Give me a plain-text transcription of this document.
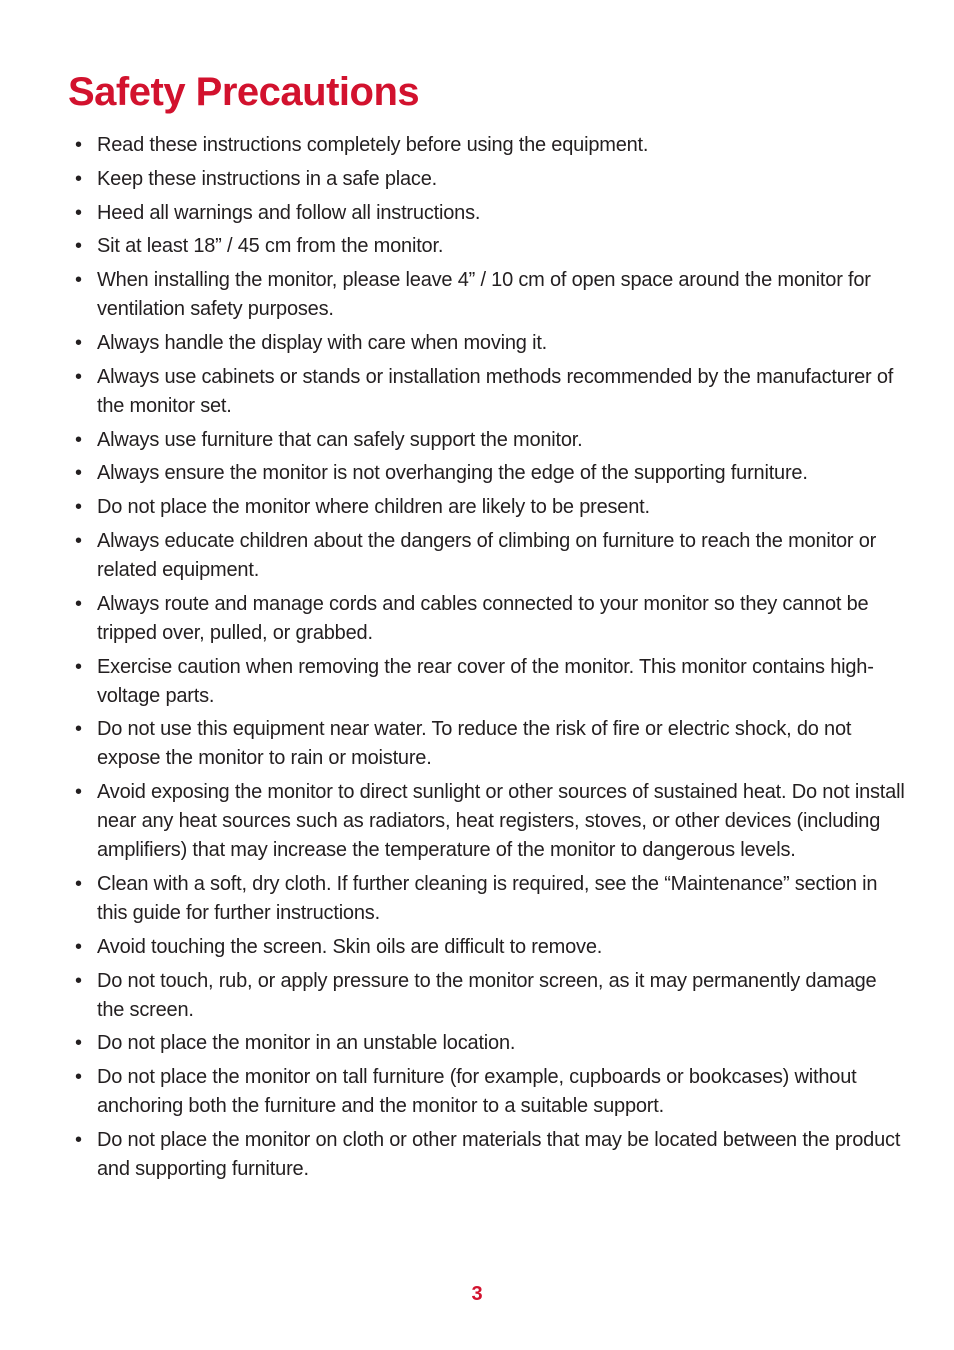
Safety Precautions
• Read these instructions completely before using the equipment.
• Keep these instructions in a safe place.
• Heed all warnings and follow all instructions.
• Sit at least 18” / 45 cm from the monitor.
• When installing the monitor, please leave 4” / 10 cm of open space around the monitor for ventilation safety purposes.
• Always handle the display with care when moving it.
• Always use cabinets or stands or installation methods recommended by the manufacturer of the monitor set.
• Always use furniture that can safely support the monitor.
• Always ensure the monitor is not overhanging the edge of the supporting furniture.
• Do not place the monitor where children are likely to be present.
• Always educate children about the dangers of climbing on furniture to reach the monitor or related equipment.
• Always route and manage cords and cables connected to your monitor so they cannot be tripped over, pulled, or grabbed.
• Exercise caution when removing the rear cover of the monitor. This monitor contains high-voltage parts.
• Do not use this equipment near water. To reduce the risk of fire or electric shock, do not expose the monitor to rain or moisture.
• Avoid exposing the monitor to direct sunlight or other sources of sustained heat. Do not install near any heat sources such as radiators, heat registers, stoves, or other devices (including amplifiers) that may increase the temperature of the monitor to dangerous levels.
• Clean with a soft, dry cloth. If further cleaning is required, see the “Maintenance” section in this guide for further instructions.
• Avoid touching the screen. Skin oils are difficult to remove.
• Do not touch, rub, or apply pressure to the monitor screen, as it may permanently damage the screen.
• Do not place the monitor in an unstable location.
• Do not place the monitor on tall furniture (for example, cupboards or bookcases) without anchoring both the furniture and the monitor to a suitable support.
• Do not place the monitor on cloth or other materials that may be located between the product and supporting furniture.
3
